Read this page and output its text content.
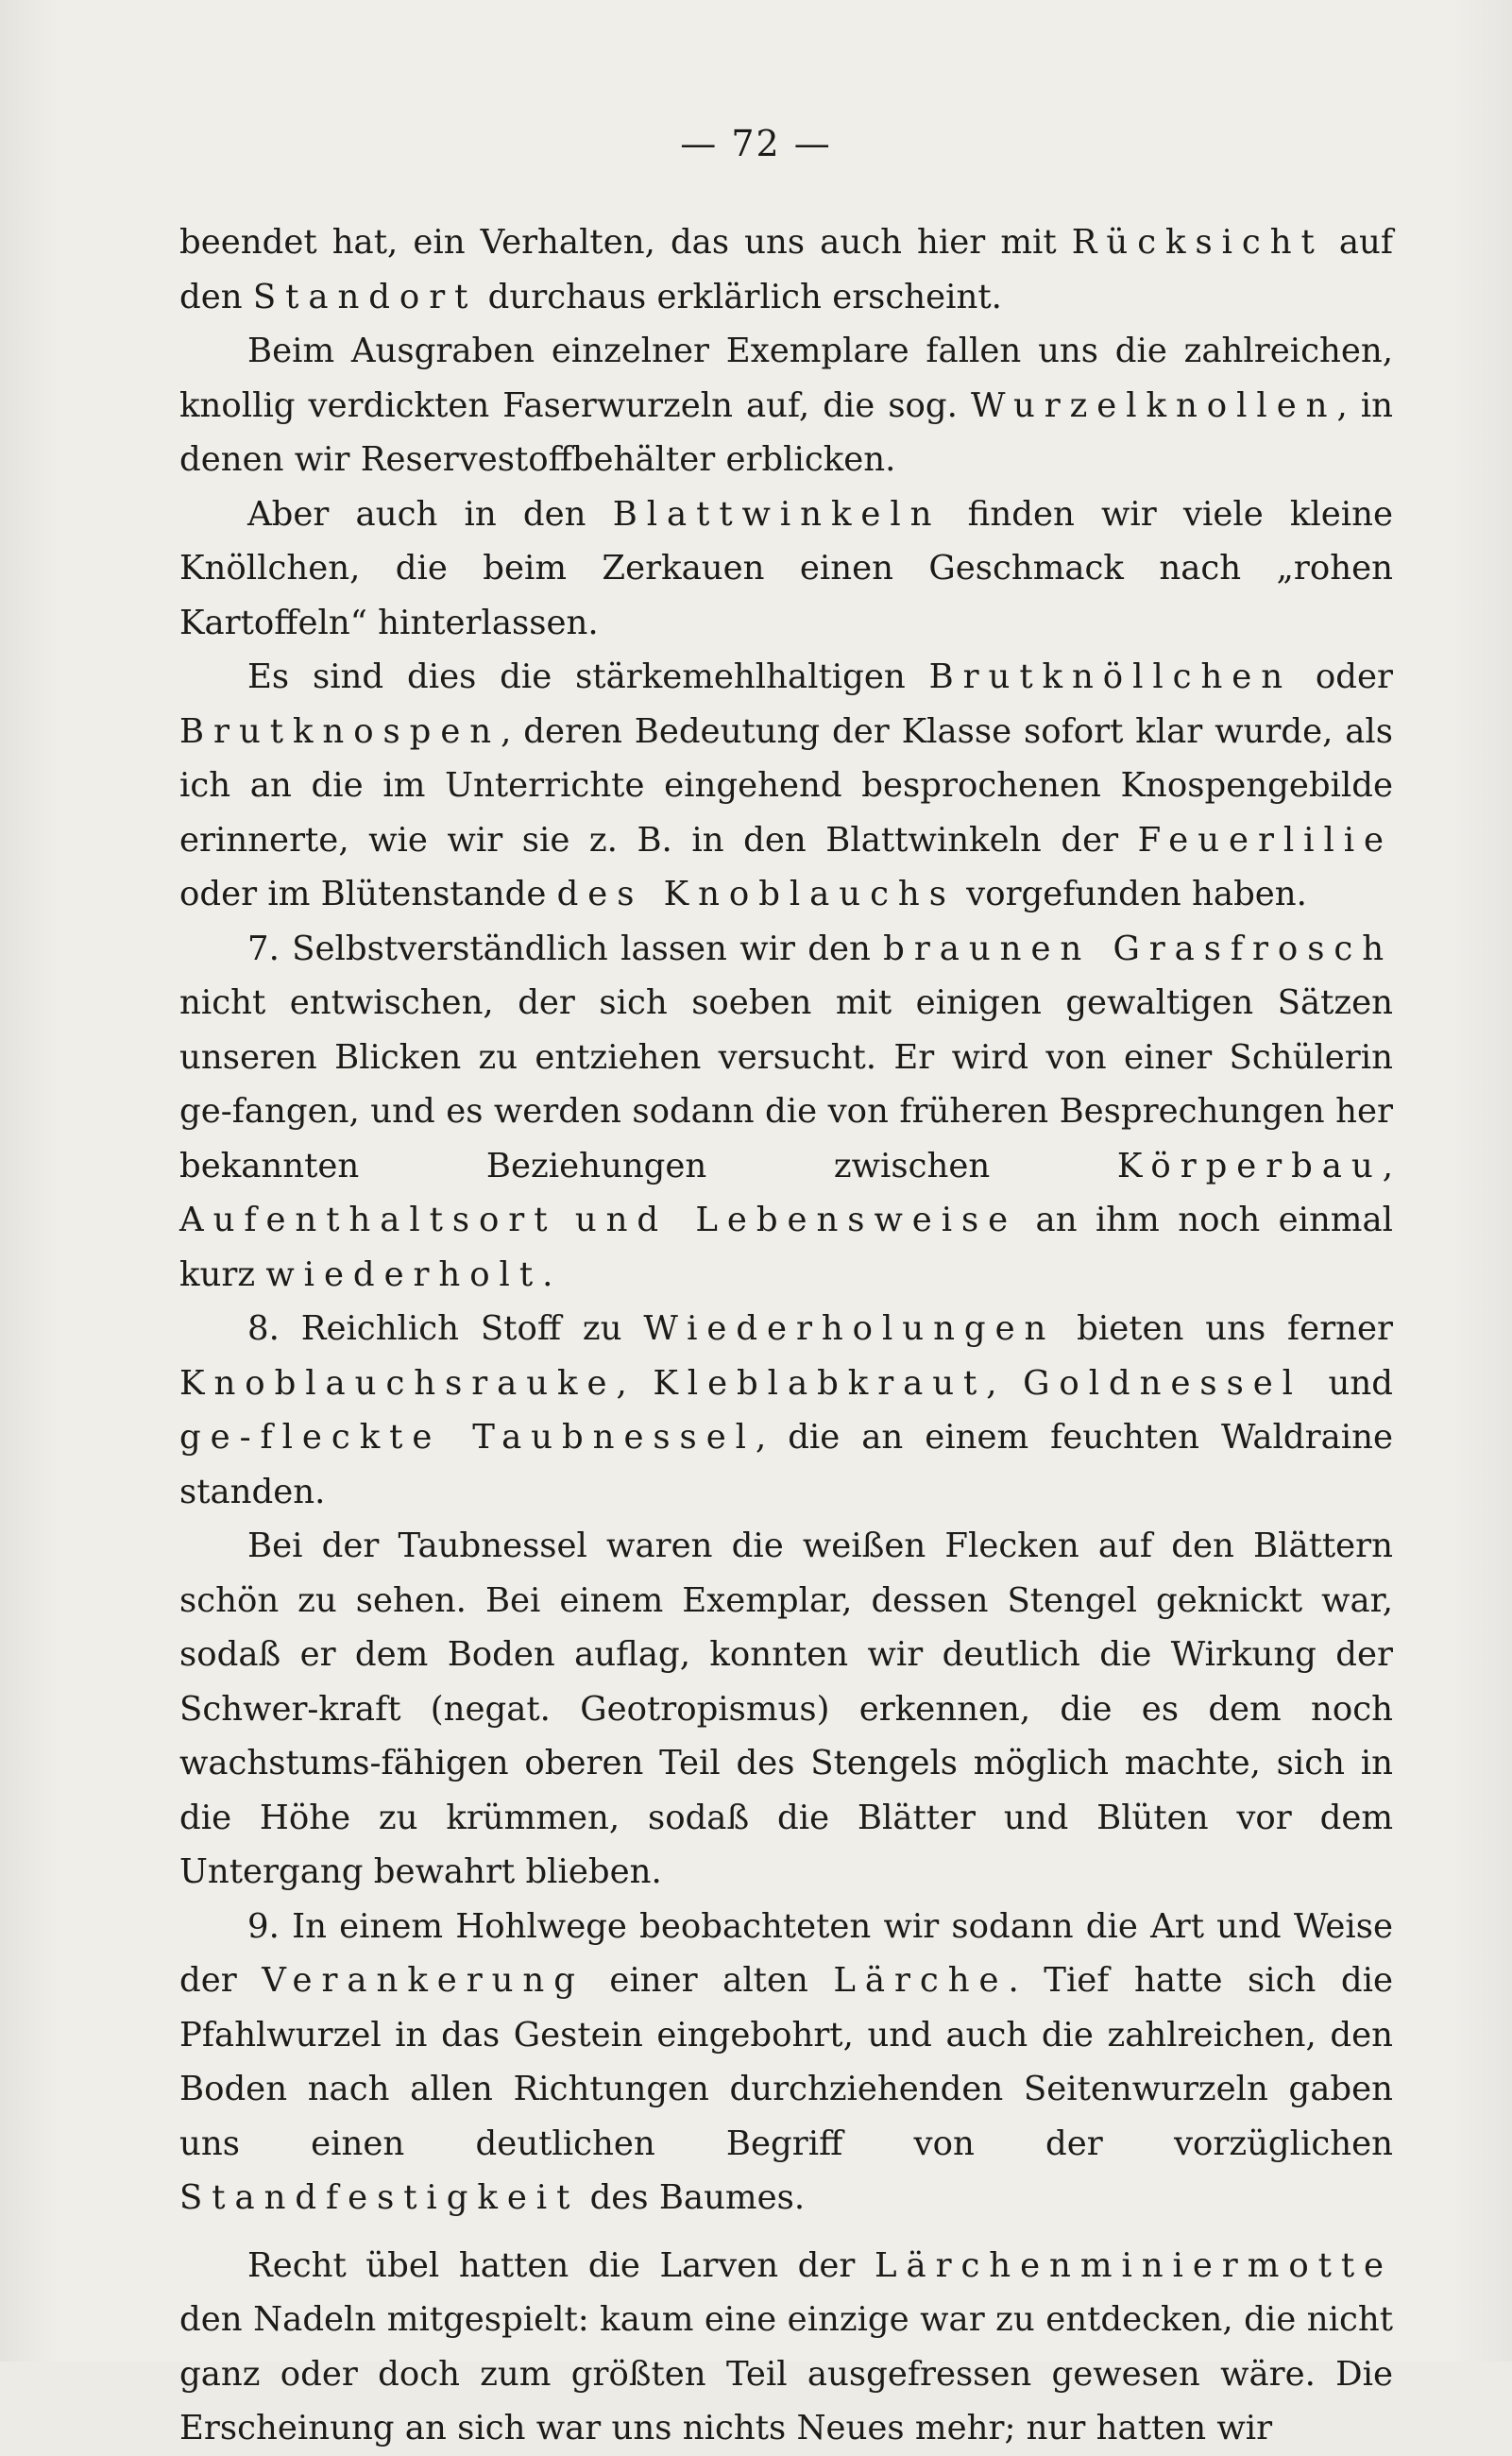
— 72 —

beendet hat, ein Verhalten, das uns auch hier mit Rücksicht auf den Standort durchaus erklärlich erscheint.

Beim Ausgraben einzelner Exemplare fallen uns die zahlreichen, knollig verdickten Faserwurzeln auf, die sog. Wurzelknollen, in denen wir Reservestoffbehälter erblicken.

Aber auch in den Blattwinkeln finden wir viele kleine Knöllchen, die beim Zerkauen einen Geschmack nach „rohen Kartoffeln“ hinterlassen.

Es sind dies die stärkemehlhaltigen Brutknöllchen oder Brutknospen, deren Bedeutung der Klasse sofort klar wurde, als ich an die im Unterrichte eingehend besprochenen Knospengebilde erinnerte, wie wir sie z. B. in den Blattwinkeln der Feuerlilie oder im Blütenstande des Knoblauchs vorgefunden haben.

7. Selbstverständlich lassen wir den braunen Grasfrosch nicht entwischen, der sich soeben mit einigen gewaltigen Sätzen unseren Blicken zu entziehen versucht. Er wird von einer Schülerin ge-fangen, und es werden sodann die von früheren Besprechungen her bekannten Beziehungen zwischen Körperbau, Aufenthaltsort und Lebensweise an ihm noch einmal kurz wiederholt.

8. Reichlich Stoff zu Wiederholungen bieten uns ferner Knoblauchsrauke, Kleblabkraut, Goldnessel und ge-fleckte Taubnessel, die an einem feuchten Waldraine standen.

Bei der Taubnessel waren die weißen Flecken auf den Blättern schön zu sehen. Bei einem Exemplar, dessen Stengel geknickt war, sodaß er dem Boden auflag, konnten wir deutlich die Wirkung der Schwer-kraft (negat. Geotropismus) erkennen, die es dem noch wachstums-fähigen oberen Teil des Stengels möglich machte, sich in die Höhe zu krümmen, sodaß die Blätter und Blüten vor dem Untergang bewahrt blieben.

9. In einem Hohlwege beobachteten wir sodann die Art und Weise der Verankerung einer alten Lärche. Tief hatte sich die Pfahlwurzel in das Gestein eingebohrt, und auch die zahlreichen, den Boden nach allen Richtungen durchziehenden Seitenwurzeln gaben uns einen deutlichen Begriff von der vorzüglichen Standfestigkeit des Baumes.

Recht übel hatten die Larven der Lärchenminiermotte den Nadeln mitgespielt: kaum eine einzige war zu entdecken, die nicht ganz oder doch zum größten Teil ausgefressen gewesen wäre. Die Erscheinung an sich war uns nichts Neues mehr; nur hatten wir
